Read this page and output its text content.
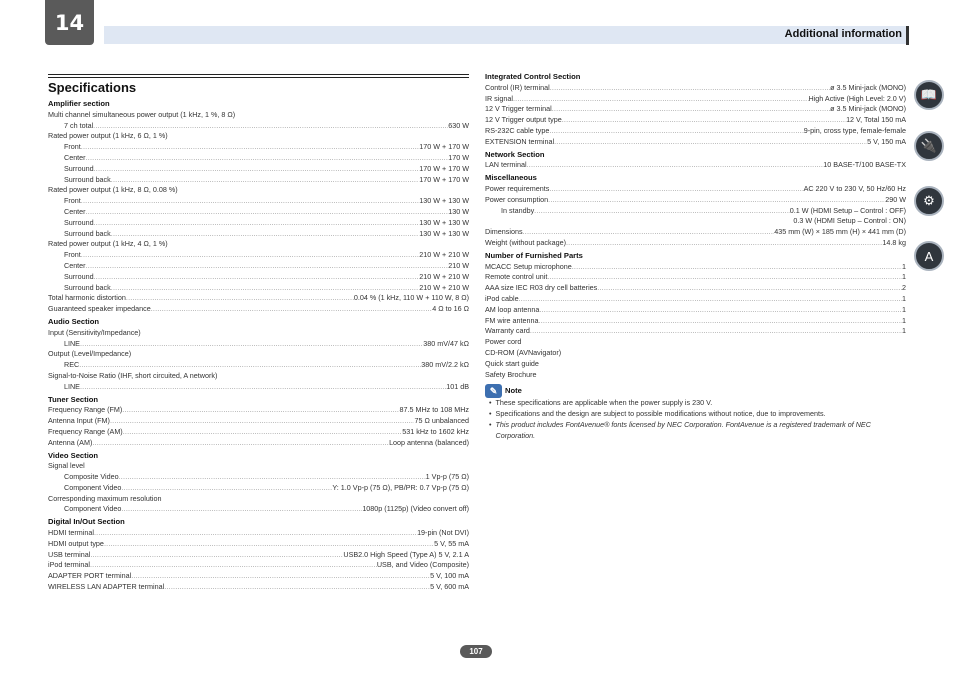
14	Additional information
Specifications
Amplifier section
Multi channel simultaneous power output (1 kHz, 1 %, 8 Ω)
7 ch total .....	630 W
Rated power output (1 kHz, 6 Ω, 1 %)
Front .....	170 W + 170 W
Center .....	170 W
Surround .....	170 W + 170 W
Surround back .....	170 W + 170 W
Rated power output (1 kHz, 8 Ω, 0.08 %)
Front .....	130 W + 130 W
Center .....	130 W
Surround .....	130 W + 130 W
Surround back .....	130 W + 130 W
Rated power output (1 kHz, 4 Ω, 1 %)
Front .....	210 W + 210 W
Center .....	210 W
Surround .....	210 W + 210 W
Surround back .....	210 W + 210 W
Total harmonic distortion .....	0.04 % (1 kHz, 110 W + 110 W, 8 Ω)
Guaranteed speaker impedance .....	4 Ω to 16 Ω
Audio Section
Input (Sensitivity/Impedance)
LINE .....	380 mV/47 kΩ
Output (Level/Impedance)
REC .....	380 mV/2.2 kΩ
Signal-to-Noise Ratio (IHF, short circuited, A network)
LINE .....	101 dB
Tuner Section
Frequency Range (FM) .....	87.5 MHz to 108 MHz
Antenna Input (FM) .....	75 Ω unbalanced
Frequency Range (AM) .....	531 kHz to 1602 kHz
Antenna (AM) .....	Loop antenna (balanced)
Video Section
Signal level
Composite Video .....	1 Vp-p (75 Ω)
Component Video .....	Y: 1.0 Vp-p (75 Ω), PB/PR: 0.7 Vp-p (75 Ω)
Corresponding maximum resolution
Component Video .....	1080p (1125p) (Video convert off)
Digital In/Out Section
HDMI terminal .....	19-pin (Not DVI)
HDMI output type .....	5 V, 55 mA
USB terminal .....	USB2.0 High Speed (Type A) 5 V, 2.1 A
iPod terminal .....	USB, and Video (Composite)
ADAPTER PORT terminal .....	5 V, 100 mA
WIRELESS LAN ADAPTER terminal .....	5 V, 600 mA
Integrated Control Section
Control (IR) terminal .....	ø 3.5 Mini-jack (MONO)
IR signal .....	High Active (High Level: 2.0 V)
12 V Trigger terminal .....	ø 3.5 Mini-jack (MONO)
12 V Trigger output type .....	12 V, Total 150 mA
RS-232C cable type .....	9-pin, cross type, female-female
EXTENSION terminal .....	5 V, 150 mA
Network Section
LAN terminal .....	10 BASE-T/100 BASE-TX
Miscellaneous
Power requirements .....	AC 220 V to 230 V, 50 Hz/60 Hz
Power consumption .....	290 W
In standby .....	0.1 W (HDMI Setup – Control : OFF)
0.3 W (HDMI Setup – Control : ON)
Dimensions .....	435 mm (W) × 185 mm (H) × 441 mm (D)
Weight (without package) .....	14.8 kg
Number of Furnished Parts
MCACC Setup microphone .....	1
Remote control unit .....	1
AAA size IEC R03 dry cell batteries .....	2
iPod cable .....	1
AM loop antenna .....	1
FM wire antenna .....	1
Warranty card .....	1
Power cord
CD-ROM (AVNavigator)
Quick start guide
Safety Brochure
✎	Note
• These specifications are applicable when the power supply is 230 V.
• Specifications and the design are subject to possible modifications without notice, due to improvements.
• This product includes FontAvenue® fonts licensed by NEC Corporation. FontAvenue is a registered trademark of NEC Corporation.
📖
🔌
⚙
A
107
